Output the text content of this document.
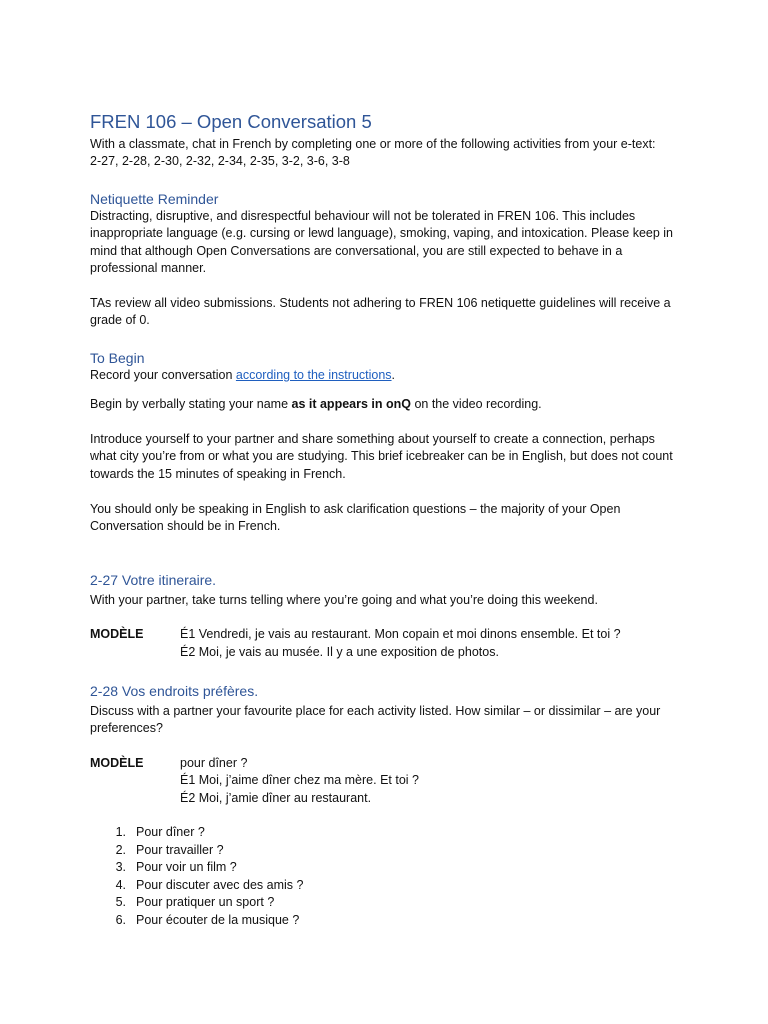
FREN 106 – Open Conversation 5

With a classmate, chat in French by completing one or more of the following activities from your e-text:

2-27, 2-28, 2-30, 2-32, 2-34, 2-35, 3-2, 3-6, 3-8

Netiquette Reminder

Distracting, disruptive, and disrespectful behaviour will not be tolerated in FREN 106. This includes inappropriate language (e.g. cursing or lewd language), smoking, vaping, and intoxication. Please keep in mind that although Open Conversations are conversational, you are still expected to behave in a professional manner.

TAs review all video submissions. Students not adhering to FREN 106 netiquette guidelines will receive a grade of 0.

To Begin

Record your conversation according to the instructions.

Begin by verbally stating your name as it appears in onQ on the video recording.

Introduce yourself to your partner and share something about yourself to create a connection, perhaps what city you’re from or what you are studying. This brief icebreaker can be in English, but does not count towards the 15 minutes of speaking in French.

You should only be speaking in English to ask clarification questions – the majority of your Open Conversation should be in French.

2-27 Votre itineraire.

With your partner, take turns telling where you’re going and what you’re doing this weekend.

MODÈLE	É1 Vendredi, je vais au restaurant. Mon copain et moi dinons ensemble. Et toi ?
É2 Moi, je vais au musée. Il y a une exposition de photos.
2-28 Vos endroits préfères.

Discuss with a partner your favourite place for each activity listed. How similar – or dissimilar – are your preferences?

MODÈLE	pour dîner ?
É1 Moi, j’aime dîner chez ma mère. Et toi ?
É2 Moi, j’amie dîner au restaurant.
1. Pour dîner ?
2. Pour travailler ?
3. Pour voir un film ?
4. Pour discuter avec des amis ?
5. Pour pratiquer un sport ?
6. Pour écouter de la musique ?
